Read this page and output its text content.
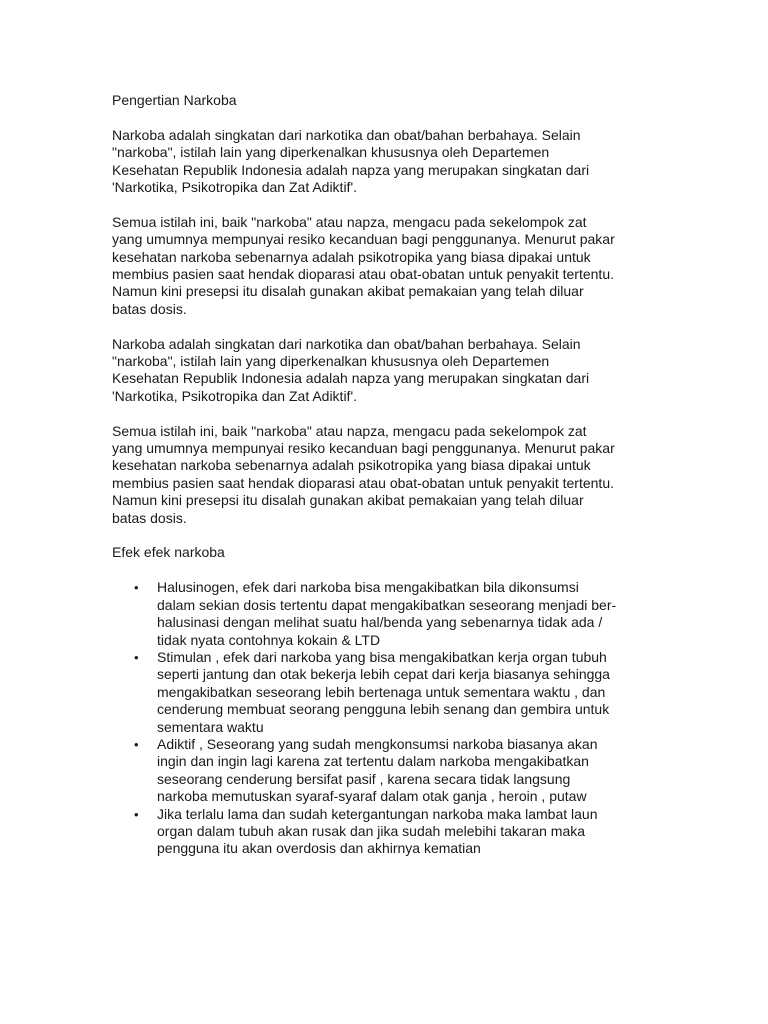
Pengertian Narkoba
Narkoba adalah singkatan dari narkotika dan obat/bahan berbahaya. Selain
"narkoba", istilah lain yang diperkenalkan khususnya oleh Departemen
Kesehatan Republik Indonesia adalah napza yang merupakan singkatan dari
'Narkotika, Psikotropika dan Zat Adiktif'.
Semua istilah ini, baik "narkoba" atau napza, mengacu pada sekelompok zat
yang umumnya mempunyai resiko kecanduan bagi penggunanya. Menurut pakar
kesehatan narkoba sebenarnya adalah psikotropika yang biasa dipakai untuk
membius pasien saat hendak dioparasi atau obat-obatan untuk penyakit tertentu.
Namun kini presepsi itu disalah gunakan akibat pemakaian yang telah diluar
batas dosis.
Narkoba adalah singkatan dari narkotika dan obat/bahan berbahaya. Selain
"narkoba", istilah lain yang diperkenalkan khususnya oleh Departemen
Kesehatan Republik Indonesia adalah napza yang merupakan singkatan dari
'Narkotika, Psikotropika dan Zat Adiktif'.
Semua istilah ini, baik "narkoba" atau napza, mengacu pada sekelompok zat
yang umumnya mempunyai resiko kecanduan bagi penggunanya. Menurut pakar
kesehatan narkoba sebenarnya adalah psikotropika yang biasa dipakai untuk
membius pasien saat hendak dioparasi atau obat-obatan untuk penyakit tertentu.
Namun kini presepsi itu disalah gunakan akibat pemakaian yang telah diluar
batas dosis.
Efek efek narkoba
• Halusinogen, efek dari narkoba bisa mengakibatkan bila dikonsumsi
dalam sekian dosis tertentu dapat mengakibatkan seseorang menjadi ber-
halusinasi dengan melihat suatu hal/benda yang sebenarnya tidak ada /
tidak nyata contohnya kokain & LTD
• Stimulan , efek dari narkoba yang bisa mengakibatkan kerja organ tubuh
seperti jantung dan otak bekerja lebih cepat dari kerja biasanya sehingga
mengakibatkan seseorang lebih bertenaga untuk sementara waktu , dan
cenderung membuat seorang pengguna lebih senang dan gembira untuk
sementara waktu
• Adiktif , Seseorang yang sudah mengkonsumsi narkoba biasanya akan
ingin dan ingin lagi karena zat tertentu dalam narkoba mengakibatkan
seseorang cenderung bersifat pasif , karena secara tidak langsung
narkoba memutuskan syaraf-syaraf dalam otak ganja , heroin , putaw
• Jika terlalu lama dan sudah ketergantungan narkoba maka lambat laun
organ dalam tubuh akan rusak dan jika sudah melebihi takaran maka
pengguna itu akan overdosis dan akhirnya kematian
